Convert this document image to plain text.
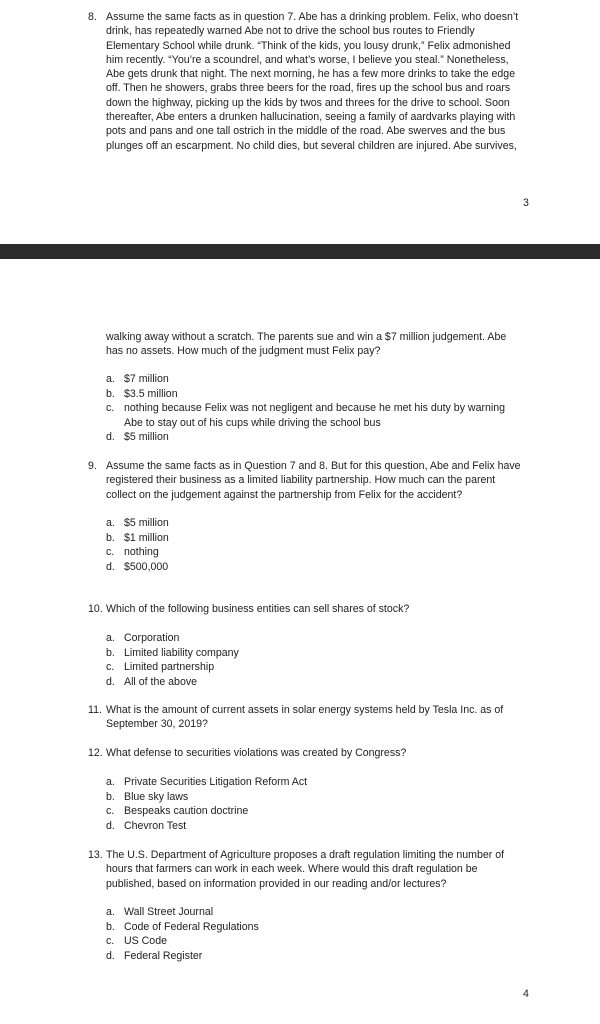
8. Assume the same facts as in question 7. Abe has a drinking problem. Felix, who doesn’t
drink, has repeatedly warned Abe not to drive the school bus routes to Friendly
Elementary School while drunk. “Think of the kids, you lousy drunk,” Felix admonished
him recently. “You’re a scoundrel, and what’s worse, I believe you steal.” Nonetheless,
Abe gets drunk that night. The next morning, he has a few more drinks to take the edge
off. Then he showers, grabs three beers for the road, fires up the school bus and roars
down the highway, picking up the kids by twos and threes for the drive to school. Soon
thereafter, Abe enters a drunken hallucination, seeing a family of aardvarks playing with
pots and pans and one tall ostrich in the middle of the road. Abe swerves and the bus
plunges off an escarpment. No child dies, but several children are injured. Abe survives,
3
walking away without a scratch. The parents sue and win a $7 million judgement. Abe
has no assets. How much of the judgment must Felix pay?
a. $7 million
b. $3.5 million
c. nothing because Felix was not negligent and because he met his duty by warning
Abe to stay out of his cups while driving the school bus
d. $5 million
9. Assume the same facts as in Question 7 and 8. But for this question, Abe and Felix have
registered their business as a limited liability partnership. How much can the parent
collect on the judgement against the partnership from Felix for the accident?
a. $5 million
b. $1 million
c. nothing
d. $500,000
10. Which of the following business entities can sell shares of stock?
a. Corporation
b. Limited liability company
c. Limited partnership
d. All of the above
11. What is the amount of current assets in solar energy systems held by Tesla Inc. as of
September 30, 2019?
12. What defense to securities violations was created by Congress?
a. Private Securities Litigation Reform Act
b. Blue sky laws
c. Bespeaks caution doctrine
d. Chevron Test
13. The U.S. Department of Agriculture proposes a draft regulation limiting the number of
hours that farmers can work in each week. Where would this draft regulation be
published, based on information provided in our reading and/or lectures?
a. Wall Street Journal
b. Code of Federal Regulations
c. US Code
d. Federal Register
4
